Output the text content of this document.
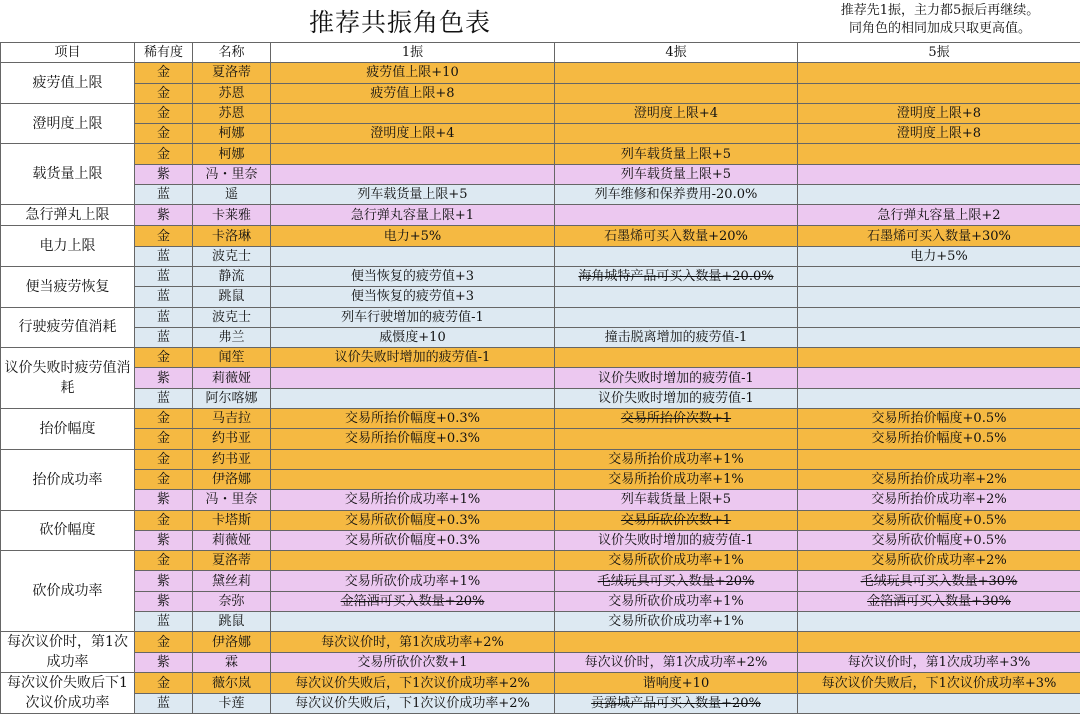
推荐共振角色表	推荐先1振，主力都5振后再继续。
同角色的相同加成只取更高值。
项目	稀有度	名称	1振	4振	5振
疲劳值上限	金	夏洛蒂	疲劳值上限+10		
	金	苏恩	疲劳值上限+8		
澄明度上限	金	苏恩		澄明度上限+4	澄明度上限+8
	金	柯娜	澄明度上限+4		澄明度上限+8
载货量上限	金	柯娜		列车载货量上限+5	
	紫	冯・里奈		列车载货量上限+5	
	蓝	遥	列车载货量上限+5	列车维修和保养费用-20.0%	
急行弹丸上限	紫	卡莱雅	急行弹丸容量上限+1		急行弹丸容量上限+2
电力上限	金	卡洛琳	电力+5%	石墨烯可买入数量+20%	石墨烯可买入数量+30%
	蓝	波克士			电力+5%
便当疲劳恢复	蓝	静流	便当恢复的疲劳值+3	海角城特产品可买入数量+20.0%	
	蓝	跳鼠	便当恢复的疲劳值+3		
行驶疲劳值消耗	蓝	波克士	列车行驶增加的疲劳值-1		
	蓝	弗兰	威慑度+10	撞击脱离增加的疲劳值-1	
议价失败时疲劳值消耗	金	闻笙	议价失败时增加的疲劳值-1		
	紫	莉薇娅		议价失败时增加的疲劳值-1	
	蓝	阿尔喀娜		议价失败时增加的疲劳值-1	
抬价幅度	金	马吉拉	交易所抬价幅度+0.3%	交易所抬价次数+1	交易所抬价幅度+0.5%
	金	约书亚	交易所抬价幅度+0.3%		交易所抬价幅度+0.5%
抬价成功率	金	约书亚		交易所抬价成功率+1%	
	金	伊洛娜		交易所抬价成功率+1%	交易所抬价成功率+2%
	紫	冯・里奈	交易所抬价成功率+1%	列车载货量上限+5	交易所抬价成功率+2%
砍价幅度	金	卡塔斯	交易所砍价幅度+0.3%	交易所砍价次数+1	交易所砍价幅度+0.5%
	紫	莉薇娅	交易所砍价幅度+0.3%	议价失败时增加的疲劳值-1	交易所砍价幅度+0.5%
砍价成功率	金	夏洛蒂		交易所砍价成功率+1%	交易所砍价成功率+2%
	紫	黛丝莉	交易所砍价成功率+1%	毛绒玩具可买入数量+20%	毛绒玩具可买入数量+30%
	紫	奈弥	金箔酒可买入数量+20%	交易所砍价成功率+1%	金箔酒可买入数量+30%
	蓝	跳鼠		交易所砍价成功率+1%	
每次议价时，第1次成功率	金	伊洛娜	每次议价时，第1次成功率+2%		
	紫	霖	交易所砍价次数+1	每次议价时，第1次成功率+2%	每次议价时，第1次成功率+3%
每次议价失败后下1次议价成功率	金	薇尔岚	每次议价失败后，下1次议价成功率+2%	谐响度+10	每次议价失败后，下1次议价成功率+3%
	蓝	卡莲	每次议价失败后，下1次议价成功率+2%	贡露城产品可买入数量+20%	
